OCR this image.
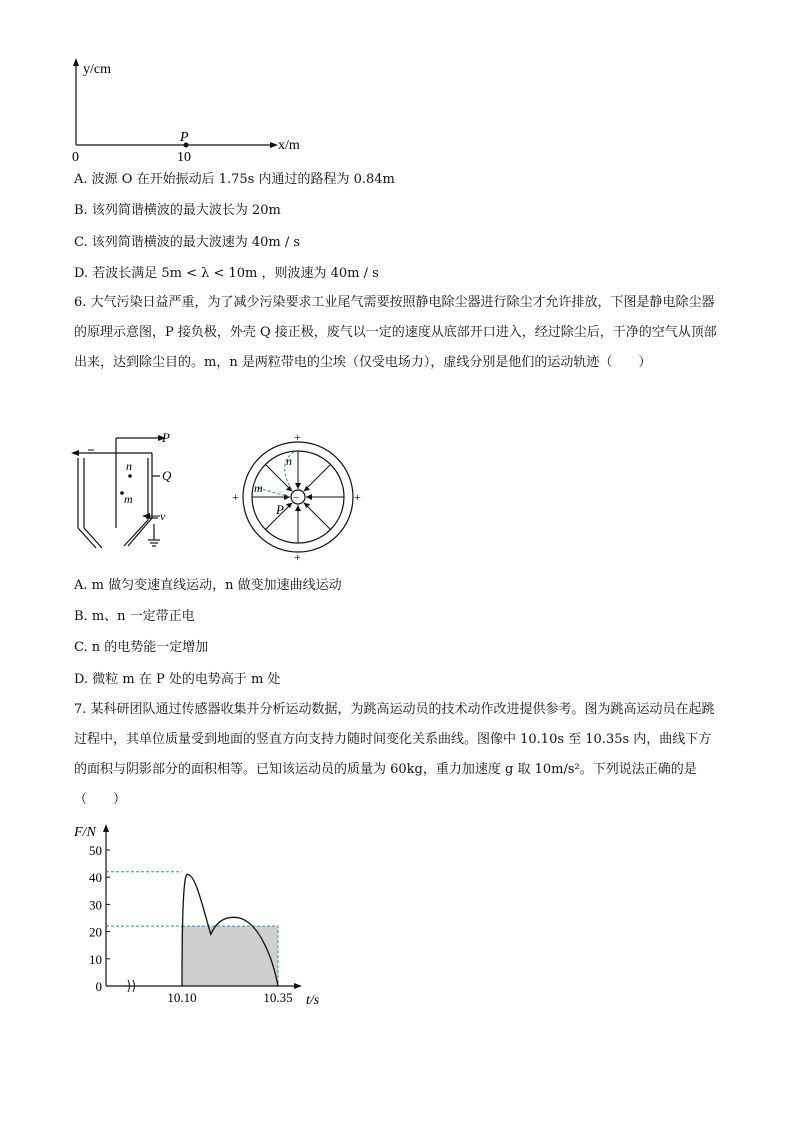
y/cm
x/m
0
P
10
A. 波源 O 在开始振动后 1.75s 内通过的路程为 0.84m
B. 该列简谐横波的最大波长为 20m
C. 该列简谐横波的最大波速为 40m / s
D. 若波长满足 5m < λ < 10m ，则波速为 40m / s
6. 大气污染日益严重，为了减少污染要求工业尾气需要按照静电除尘器进行除尘才允许排放，下图是静电除尘器的原理示意图，P 接负极，外壳 Q 接正极，废气以一定的速度从底部开口进入，经过除尘后，干净的空气从顶部出来，达到除尘目的。m，n 是两粒带电的尘埃（仅受电场力），虚线分别是他们的运动轨迹（　　）
P
Q
v
n
m	−
n
m
P
+
+
+	+
A. m 做匀变速直线运动，n 做变加速曲线运动
B. m、n 一定带正电
C. n 的电势能一定增加
D. 微粒 m 在 P 处的电势高于 m 处
7. 某科研团队通过传感器收集并分析运动数据，为跳高运动员的技术动作改进提供参考。图为跳高运动员在起跳过程中，其单位质量受到地面的竖直方向支持力随时间变化关系曲线。图像中 10.10s 至 10.35s 内，曲线下方的面积与阴影部分的面积相等。已知该运动员的质量为 60kg，重力加速度 g 取 10m/s²。下列说法正确的是（　　）
0
10
20
30
40
50
F/N
t/s
10.10	10.35
